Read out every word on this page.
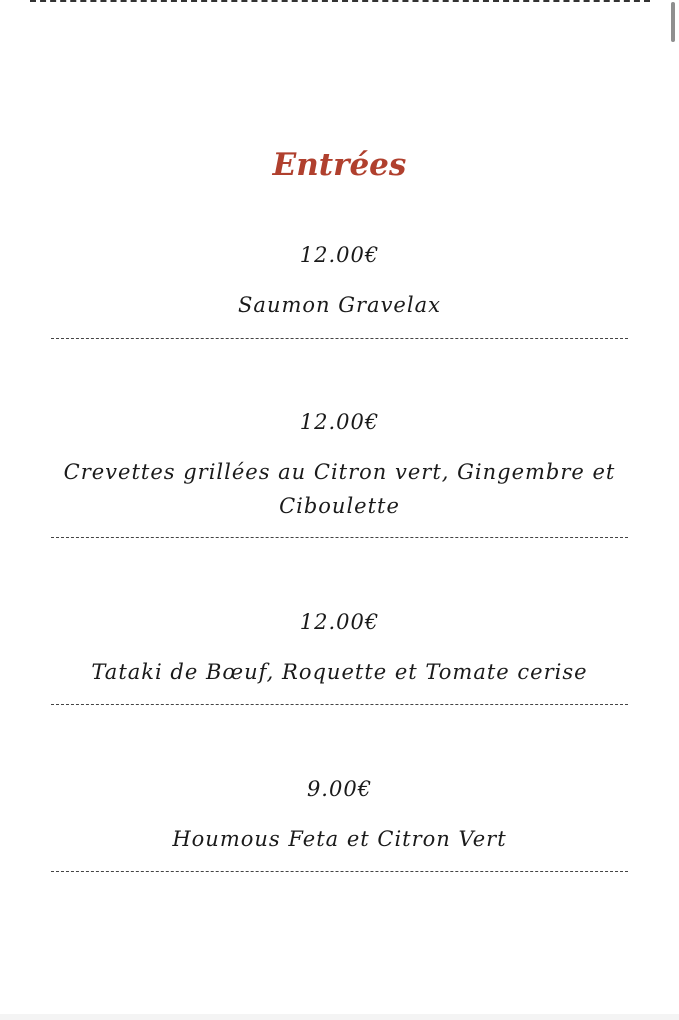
Entrées
12.00€
Saumon Gravelax
12.00€
Crevettes grillées au Citron vert, Gingembre et Ciboulette
12.00€
Tataki de Bœuf, Roquette et Tomate cerise
9.00€
Houmous Feta et Citron Vert
